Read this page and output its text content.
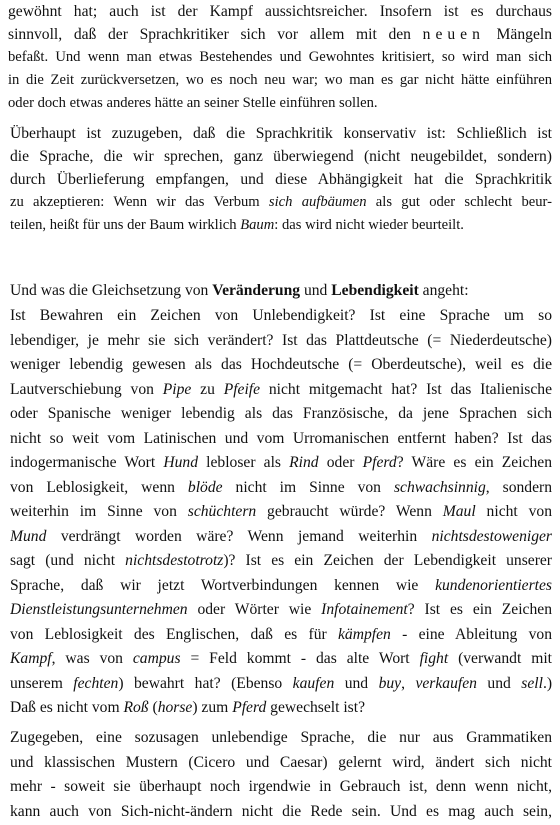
gewöhnt hat; auch ist der Kampf aussichtsreicher. Insofern ist es durchaus
sinnvoll, daß der Sprachkritiker sich vor allem mit den neuen Mängeln
befaßt. Und wenn man etwas Bestehendes und Gewohntes kritisiert, so wird man sich
in die Zeit zurückversetzen, wo es noch neu war; wo man es gar nicht hätte einführen
oder doch etwas anderes hätte an seiner Stelle einführen sollen.
Überhaupt ist zuzugeben, daß die Sprachkritik konservativ ist: Schließlich ist
die Sprache, die wir sprechen, ganz überwiegend (nicht neugebildet, sondern)
durch Überlieferung empfangen, und diese Abhängigkeit hat die Sprachkritik
zu akzeptieren: Wenn wir das Verbum sich aufbäumen als gut oder schlecht beur-
teilen, heißt für uns der Baum wirklich Baum: das wird nicht wieder beurteilt.
Und was die Gleichsetzung von Veränderung und Lebendigkeit angeht:
Ist Bewahren ein Zeichen von Unlebendigkeit? Ist eine Sprache um so
lebendiger, je mehr sie sich verändert? Ist das Plattdeutsche (= Niederdeutsche)
weniger lebendig gewesen als das Hochdeutsche (= Oberdeutsche), weil es die
Lautverschiebung von Pipe zu Pfeife nicht mitgemacht hat? Ist das Italienische
oder Spanische weniger lebendig als das Französische, da jene Sprachen sich
nicht so weit vom Latinischen und vom Urromanischen entfernt haben? Ist das
indogermanische Wort Hund lebloser als Rind oder Pferd? Wäre es ein Zeichen
von Leblosigkeit, wenn blöde nicht im Sinne von schwachsinnig, sondern
weiterhin im Sinne von schüchtern gebraucht würde? Wenn Maul nicht von
Mund verdrängt worden wäre? Wenn jemand weiterhin nichtsdestoweniger
sagt (und nicht nichtsdestotrotz)? Ist es ein Zeichen der Lebendigkeit unserer
Sprache, daß wir jetzt Wortverbindungen kennen wie kundenorientiertes
Dienstleistungsunternehmen oder Wörter wie Infotainement? Ist es ein Zeichen
von Leblosigkeit des Englischen, daß es für kämpfen - eine Ableitung von
Kampf, was von campus = Feld kommt - das alte Wort fight (verwandt mit
unserem fechten) bewahrt hat? (Ebenso kaufen und buy, verkaufen und sell.)
Daß es nicht vom Roß (horse) zum Pferd gewechselt ist?
Zugegeben, eine sozusagen unlebendige Sprache, die nur aus Grammatiken
und klassischen Mustern (Cicero und Caesar) gelernt wird, ändert sich nicht
mehr - soweit sie überhaupt noch irgendwie in Gebrauch ist, denn wenn nicht,
kann auch von Sich-nicht-ändern nicht die Rede sein. Und es mag auch sein,
